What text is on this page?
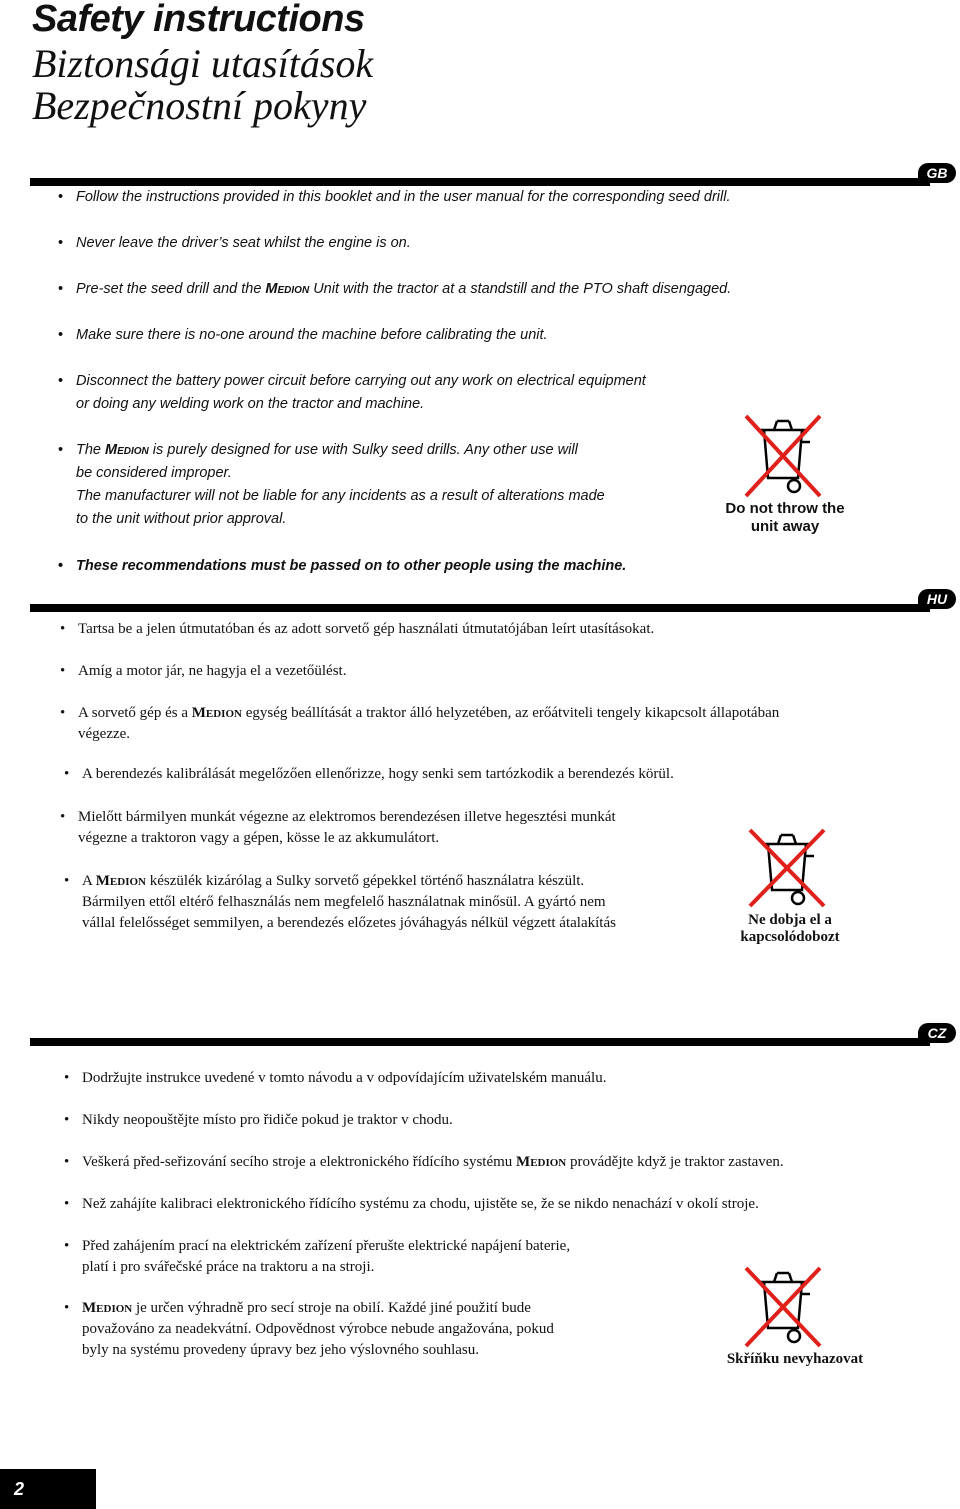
Safety instructions
Biztonsági utasítások
Bezpečnostní pokyny
GB
• Follow the instructions provided in this booklet and in the user manual for the corresponding seed drill.
• Never leave the driver’s seat whilst the engine is on.
• Pre-set the seed drill and the Medion Unit with the tractor at a standstill and the PTO shaft disengaged.
• Make sure there is no-one around the machine before calibrating the unit.
• Disconnect the battery power circuit before carrying out any work on electrical equipment
or doing any welding work on the tractor and machine.
• The Medion is purely designed for use with Sulky seed drills. Any other use will
be considered improper.
The manufacturer will not be liable for any incidents as a result of alterations made
to the unit without prior approval.
• These recommendations must be passed on to other people using the machine.
Do not throw the
unit away
HU
• Tartsa be a jelen útmutatóban és az adott sorvető gép használati útmutatójában leírt utasításokat.
• Amíg a motor jár, ne hagyja el a vezetőülést.
• A sorvető gép és a Medion egység beállítását a traktor álló helyzetében, az erőátviteli tengely kikapcsolt állapotában
végezze.
• A berendezés kalibrálását megelőzően ellenőrizze, hogy senki sem tartózkodik a berendezés körül.
• Mielőtt bármilyen munkát végezne az elektromos berendezésen illetve hegesztési munkát
végezne a traktoron vagy a gépen, kösse le az akkumulátort.
• A Medion készülék kizárólag a Sulky sorvető gépekkel történő használatra készült.
Bármilyen ettől eltérő felhasználás nem megfelelő használatnak minősül. A gyártó nem
vállal felelősséget semmilyen, a berendezés előzetes jóváhagyás nélkül végzett átalakítás	Ne dobja el a
kapcsolódobozt
CZ
• Dodržujte instrukce uvedené v tomto návodu a v odpovídajícím uživatelském manuálu.
• Nikdy neopouštějte místo pro řidiče pokud je traktor v chodu.
• Veškerá před-seřizování secího stroje a elektronického řídícího systému Medion provádějte když je traktor zastaven.
• Než zahájíte kalibraci elektronického řídícího systému za chodu, ujistěte se, že se nikdo nenachází v okolí stroje.
• Před zahájením prací na elektrickém zařízení přerušte elektrické napájení baterie,
platí i pro svářečské práce na traktoru a na stroji.
• Medion je určen výhradně pro secí stroje na obilí. Každé jiné použití bude
považováno za neadekvátní. Odpovědnost výrobce nebude angažována, pokud
byly na systému provedeny úpravy bez jeho výslovného souhlasu.
Skříňku nevyhazovat
2
